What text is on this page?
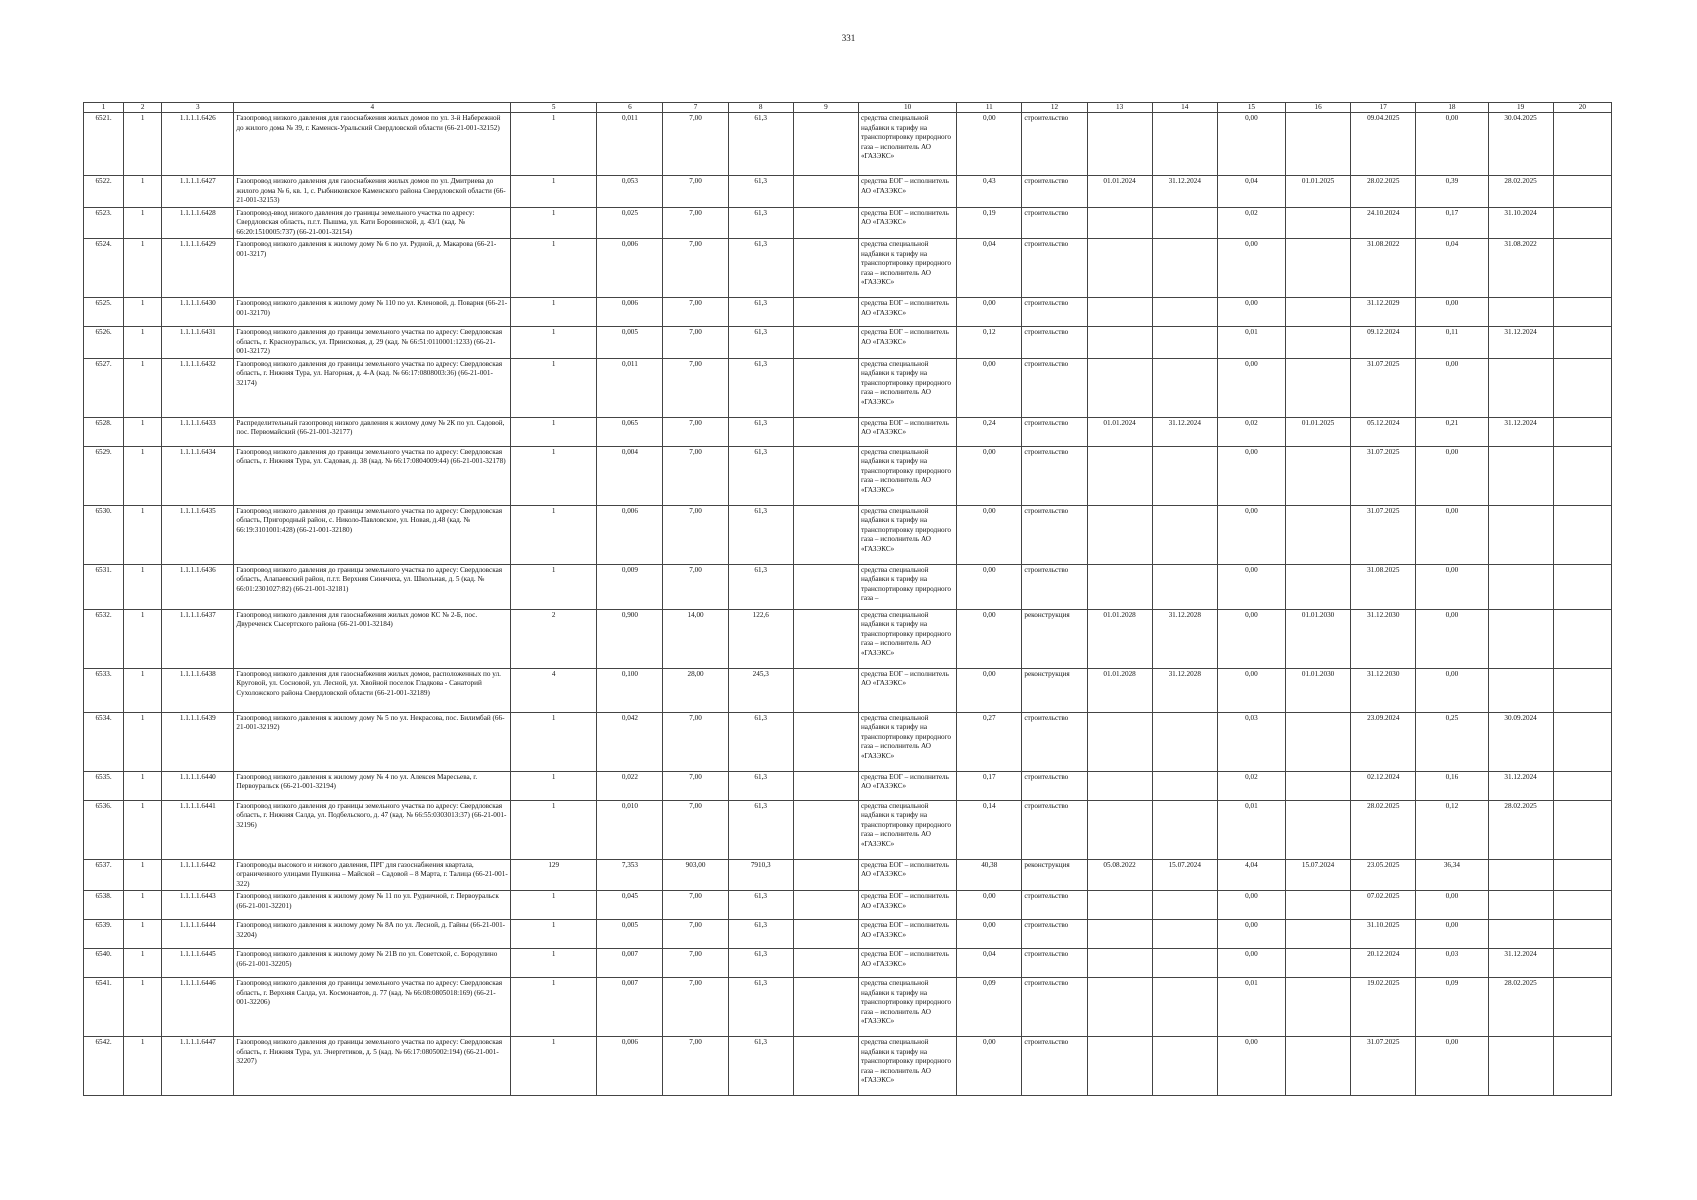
331
1	2	3	4	5	6	7	8	9	10	11	12	13	14	15	16	17	18	19	20
6521.	1	1.1.1.1.6426	Газопровод низкого давления для газоснабжения жилых домов по ул. 3-й Набережной до жилого дома № 39, г. Каменск-Уральский Свердловской области (66-21-001-32152)	1	0,011	7,00	61,3		средства специальной надбавки к тарифу на транспортировку природного газа – исполнитель АО «ГАЗЭКС»	0,00	строительство			0,00		09.04.2025	0,00	30.04.2025	
6522.	1	1.1.1.1.6427	Газопровод низкого давления для газоснабжения жилых домов по ул. Дмитриева до жилого дома № 6, кв. 1, с. Рыбниковское Каменского района Свердловской области (66-21-001-32153)	1	0,053	7,00	61,3		средства ЕОГ – исполнитель АО «ГАЗЭКС»	0,43	строительство	01.01.2024	31.12.2024	0,04	01.01.2025	28.02.2025	0,39	28.02.2025	
6523.	1	1.1.1.1.6428	Газопровод-ввод низкого давления до границы земельного участка по адресу: Свердловская область, п.г.т. Пышма, ул. Кати Боровинской, д. 43/1 (кад. № 66:20:1510005:737) (66-21-001-32154)	1	0,025	7,00	61,3		средства ЕОГ – исполнитель АО «ГАЗЭКС»	0,19	строительство			0,02		24.10.2024	0,17	31.10.2024	
6524.	1	1.1.1.1.6429	Газопровод низкого давления к жилому дому № 6 по ул. Рудной, д. Макарова (66-21-001-3217)	1	0,006	7,00	61,3		средства специальной надбавки к тарифу на транспортировку природного газа – исполнитель АО «ГАЗЭКС»	0,04	строительство			0,00		31.08.2022	0,04	31.08.2022	
6525.	1	1.1.1.1.6430	Газопровод низкого давления к жилому дому № 110 по ул. Кленовой, д. Поварня (66-21-001-32170)	1	0,006	7,00	61,3		средства ЕОГ – исполнитель АО «ГАЗЭКС»	0,00	строительство			0,00		31.12.2029	0,00		
6526.	1	1.1.1.1.6431	Газопровод низкого давления до границы земельного участка по адресу: Свердловская область, г. Красноуральск, ул. Приисковая, д. 29 (кад. № 66:51:0110001:1233) (66-21-001-32172)	1	0,005	7,00	61,3		средства ЕОГ – исполнитель АО «ГАЗЭКС»	0,12	строительство			0,01		09.12.2024	0,11	31.12.2024	
6527.	1	1.1.1.1.6432	Газопровод низкого давления до границы земельного участка по адресу: Свердловская область, г. Нижняя Тура, ул. Нагорная, д. 4-А (кад. № 66:17:0808003:36) (66-21-001-32174)	1	0,011	7,00	61,3		средства специальной надбавки к тарифу на транспортировку природного газа – исполнитель АО «ГАЗЭКС»	0,00	строительство			0,00		31.07.2025	0,00		
6528.	1	1.1.1.1.6433	Распределительный газопровод низкого давления к жилому дому № 2К по ул. Садовой, пос. Первомайский (66-21-001-32177)	1	0,065	7,00	61,3		средства ЕОГ – исполнитель АО «ГАЗЭКС»	0,24	строительство	01.01.2024	31.12.2024	0,02	01.01.2025	05.12.2024	0,21	31.12.2024	
6529.	1	1.1.1.1.6434	Газопровод низкого давления до границы земельного участка по адресу: Свердловская область, г. Нижняя Тура, ул. Садовая, д. 38 (кад. № 66:17:0804009:44) (66-21-001-32178)	1	0,004	7,00	61,3		средства специальной надбавки к тарифу на транспортировку природного газа – исполнитель АО «ГАЗЭКС»	0,00	строительство			0,00		31.07.2025	0,00		
6530.	1	1.1.1.1.6435	Газопровод низкого давления до границы земельного участка по адресу: Свердловская область, Пригородный район, с. Николо-Павловское, ул. Новая, д.48 (кад. № 66:19:3101001:428) (66-21-001-32180)	1	0,006	7,00	61,3		средства специальной надбавки к тарифу на транспортировку природного газа – исполнитель АО «ГАЗЭКС»	0,00	строительство			0,00		31.07.2025	0,00		
6531.	1	1.1.1.1.6436	Газопровод низкого давления до границы земельного участка по адресу: Свердловская область, Алапаевский район, п.г.т. Верхняя Синячиха, ул. Школьная, д. 5 (кад. № 66:01:2301027:82) (66-21-001-32181)	1	0,009	7,00	61,3		средства специальной надбавки к тарифу на транспортировку природного газа –	0,00	строительство			0,00		31.08.2025	0,00		
6532.	1	1.1.1.1.6437	Газопровод низкого давления для газоснабжения жилых домов КС № 2-Б, пос. Двуреченск Сысертского района (66-21-001-32184)	2	0,900	14,00	122,6		средства специальной надбавки к тарифу на транспортировку природного газа – исполнитель АО «ГАЗЭКС»	0,00	реконструкция	01.01.2028	31.12.2028	0,00	01.01.2030	31.12.2030	0,00		
6533.	1	1.1.1.1.6438	Газопровод низкого давления для газоснабжения жилых домов, расположенных по ул. Круговой, ул. Сосновой, ул. Лесной, ул. Хвойной поселок Гладкова - Санаторий Сухоложского района Свердловской области (66-21-001-32189)	4	0,100	28,00	245,3		средства ЕОГ – исполнитель АО «ГАЗЭКС»	0,00	реконструкция	01.01.2028	31.12.2028	0,00	01.01.2030	31.12.2030	0,00		
6534.	1	1.1.1.1.6439	Газопровод низкого давления к жилому дому № 5 по ул. Некрасова, пос. Билимбай (66-21-001-32192)	1	0,042	7,00	61,3		средства специальной надбавки к тарифу на транспортировку природного газа – исполнитель АО «ГАЗЭКС»	0,27	строительство			0,03		23.09.2024	0,25	30.09.2024	
6535.	1	1.1.1.1.6440	Газопровод низкого давления к жилому дому № 4 по ул. Алексея Маресьева, г. Первоуральск (66-21-001-32194)	1	0,022	7,00	61,3		средства ЕОГ – исполнитель АО «ГАЗЭКС»	0,17	строительство			0,02		02.12.2024	0,16	31.12.2024	
6536.	1	1.1.1.1.6441	Газопровод низкого давления до границы земельного участка по адресу: Свердловская область, г. Нижняя Салда, ул. Подбельского, д. 47 (кад. № 66:55:0303013:37) (66-21-001-32196)	1	0,010	7,00	61,3		средства специальной надбавки к тарифу на транспортировку природного газа – исполнитель АО «ГАЗЭКС»	0,14	строительство			0,01		28.02.2025	0,12	28.02.2025	
6537.	1	1.1.1.1.6442	Газопроводы высокого и низкого давления, ПРГ для газоснабжения квартала, ограниченного улицами Пушкина – Майской – Садовой – 8 Марта, г. Талица (66-21-001-322)	129	7,353	903,00	7910,3		средства ЕОГ – исполнитель АО «ГАЗЭКС»	40,38	реконструкция	05.08.2022	15.07.2024	4,04	15.07.2024	23.05.2025	36,34		
6538.	1	1.1.1.1.6443	Газопровод низкого давления к жилому дому № 11 по ул. Рудничной, г. Первоуральск (66-21-001-32201)	1	0,045	7,00	61,3		средства ЕОГ – исполнитель АО «ГАЗЭКС»	0,00	строительство			0,00		07.02.2025	0,00		
6539.	1	1.1.1.1.6444	Газопровод низкого давления к жилому дому № 8А по ул. Лесной, д. Гайны (66-21-001-32204)	1	0,005	7,00	61,3		средства ЕОГ – исполнитель АО «ГАЗЭКС»	0,00	строительство			0,00		31.10.2025	0,00		
6540.	1	1.1.1.1.6445	Газопровод низкого давления к жилому дому № 21В по ул. Советской, с. Бородулино (66-21-001-32205)	1	0,007	7,00	61,3		средства ЕОГ – исполнитель АО «ГАЗЭКС»	0,04	строительство			0,00		20.12.2024	0,03	31.12.2024	
6541.	1	1.1.1.1.6446	Газопровод низкого давления до границы земельного участка по адресу: Свердловская область, г. Верхняя Салда, ул. Космонавтов, д. 77 (кад. № 66:08:0805018:169) (66-21-001-32206)	1	0,007	7,00	61,3		средства специальной надбавки к тарифу на транспортировку природного газа – исполнитель АО «ГАЗЭКС»	0,09	строительство			0,01		19.02.2025	0,09	28.02.2025	
6542.	1	1.1.1.1.6447	Газопровод низкого давления до границы земельного участка по адресу: Свердловская область, г. Нижняя Тура, ул. Энергетиков, д. 5 (кад. № 66:17:0805002:194) (66-21-001-32207)	1	0,006	7,00	61,3		средства специальной надбавки к тарифу на транспортировку природного газа – исполнитель АО «ГАЗЭКС»	0,00	строительство			0,00		31.07.2025	0,00		
